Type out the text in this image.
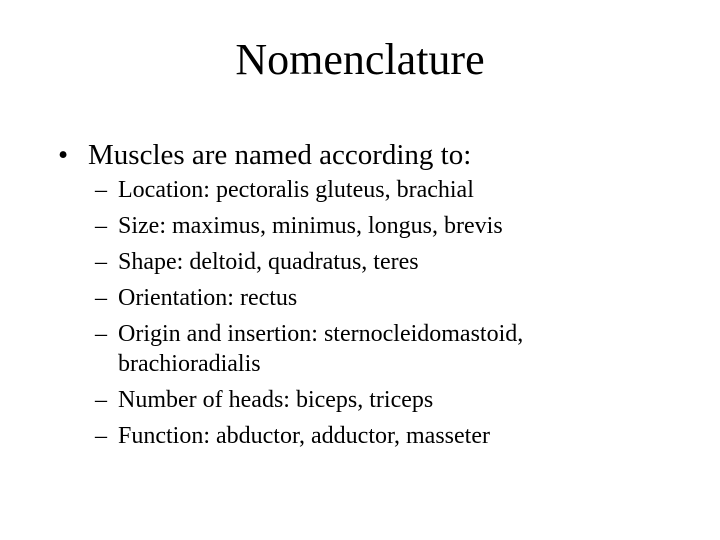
Nomenclature
• Muscles are named according to:
– Location: pectoralis gluteus, brachial
– Size: maximus, minimus, longus, brevis
– Shape: deltoid, quadratus, teres
– Orientation: rectus
– Origin and insertion: sternocleidomastoid, brachioradialis
– Number of heads: biceps, triceps
– Function: abductor, adductor, masseter
